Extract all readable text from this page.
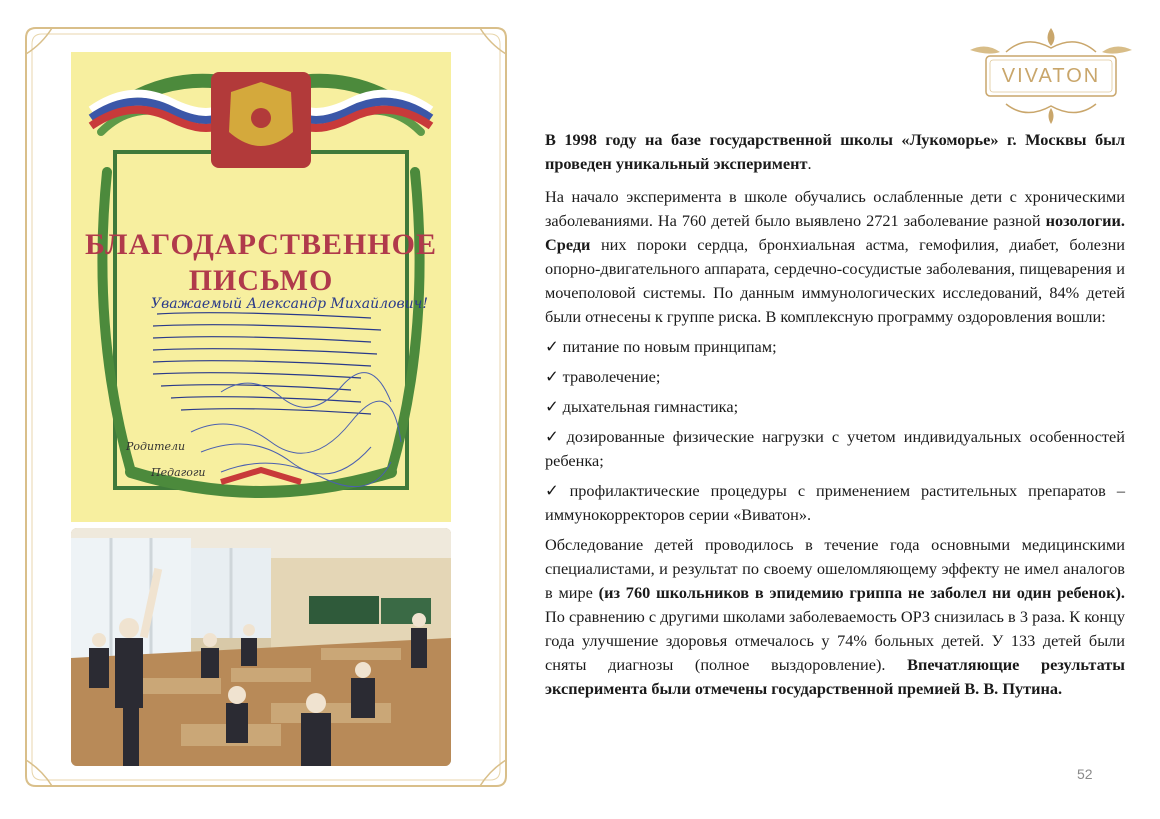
БЛАГОДАРСТВЕННОЕ
ПИСЬМО
Уважаемый Александр Михайлович!
Родители
Педагоги
VIVATON

В 1998 году на базе государственной школы «Лукоморье» г. Москвы был проведен уникальный эксперимент.

На начало эксперимента в школе обучались ослабленные дети с хроническими заболеваниями. На 760 детей было выявлено 2721 заболевание разной нозологии. Среди них пороки сердца, бронхиальная астма, гемофилия, диабет, болезни опорно-двигательного аппарата, сердечно-сосудистые заболевания, пищеварения и мочеполовой системы. По данным иммунологических исследований, 84% детей были отнесены к группе риска. В комплексную программу оздоровления вошли:

✓ питание по новым принципам;

✓ траволечение;

✓ дыхательная гимнастика;

✓ дозированные физические нагрузки с учетом индивидуальных особенностей ребенка;

✓ профилактические процедуры с применением растительных препаратов – иммунокорректоров серии «Виватон».

Обследование детей проводилось в течение года основными медицинскими специалистами, и результат по своему ошеломляющему эффекту не имел аналогов в мире (из 760 школьников в эпидемию гриппа не заболел ни один ребенок). По сравнению с другими школами заболеваемость ОРЗ снизилась в 3 раза. К концу года улучшение здоровья отмечалось у 74% больных детей. У 133 детей были сняты диагнозы (полное выздоровление). Впечатляющие результаты эксперимента были отмечены государственной премией В. В. Путина.

52
